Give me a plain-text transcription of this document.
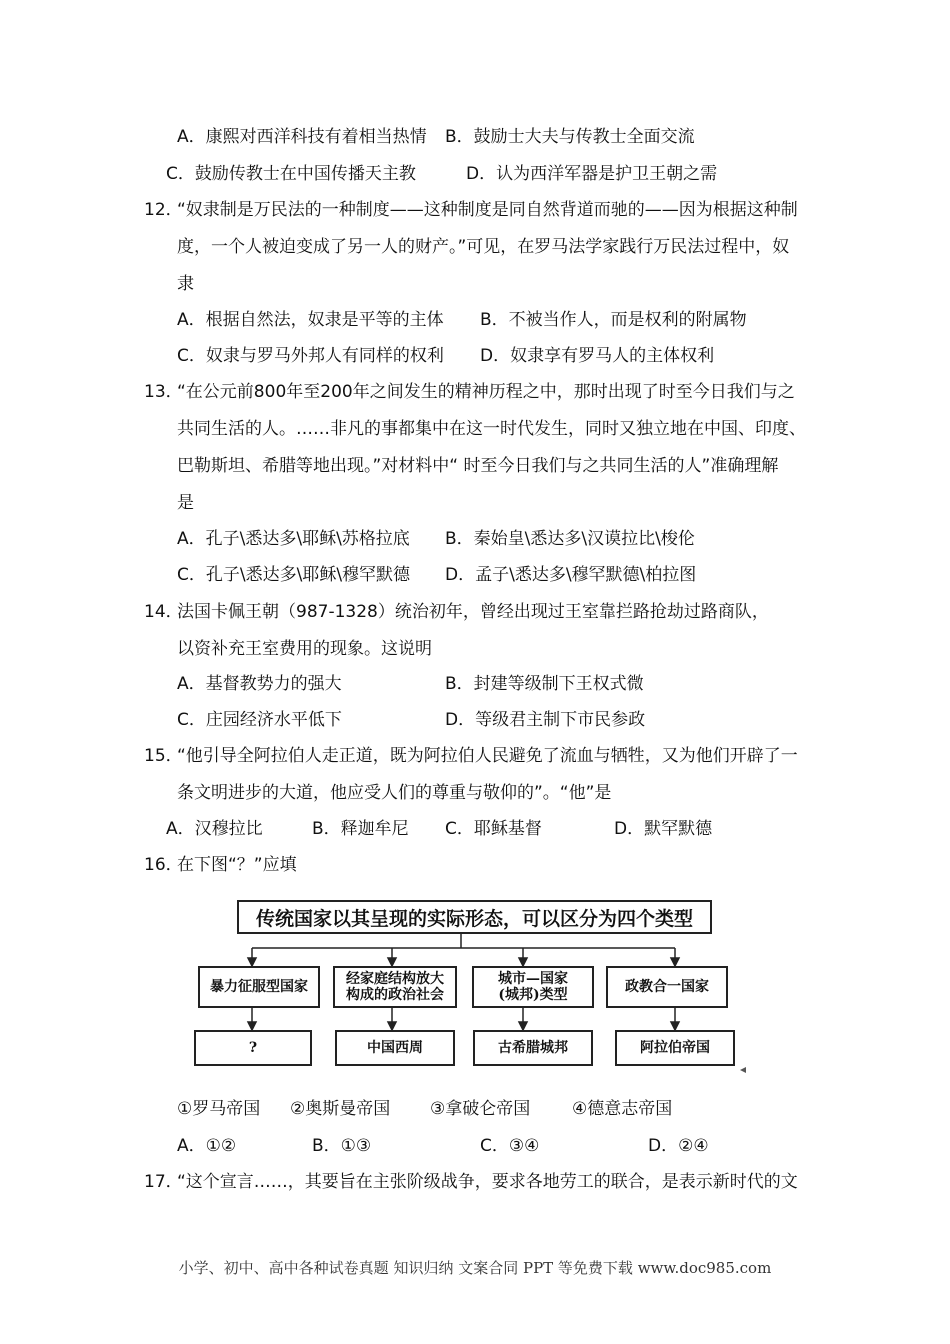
A．康熙对西洋科技有着相当热情 B．鼓励士大夫与传教士全面交流
C．鼓励传教士在中国传播天主教	D．认为西洋军器是护卫王朝之需
12．
“奴隶制是万民法的一种制度——这种制度是同自然背道而驰的——因为根据这种制
度，一个人被迫变成了另一人的财产。”可见，在罗马法学家践行万民法过程中，奴
隶
A．根据自然法，奴隶是平等的主体 B．不被当作人，而是权利的附属物
C．奴隶与罗马外邦人有同样的权利 D．奴隶享有罗马人的主体权利
13．
“在公元前800年至200年之间发生的精神历程之中，那时出现了时至今日我们与之
共同生活的人。……非凡的事都集中在这一时代发生，同时又独立地在中国、印度、
巴勒斯坦、希腊等地出现。”对材料中“ 时至今日我们与之共同生活的人”准确理解
是
A．孔子\悉达多\耶稣\苏格拉底 B．秦始皇\悉达多\汉谟拉比\梭伦
C．孔子\悉达多\耶稣\穆罕默德 D．孟子\悉达多\穆罕默德\柏拉图
14．
法国卡佩王朝（987-1328）统治初年，曾经出现过王室靠拦路抢劫过路商队，
以资补充王室费用的现象。这说明
A．基督教势力的强大	B．封建等级制下王权式微
C．庄园经济水平低下	D．等级君主制下市民参政
15．
“他引导全阿拉伯人走正道，既为阿拉伯人民避免了流血与牺牲，又为他们开辟了一
条文明进步的大道，他应受人们的尊重与敬仰的”。“他”是
A．汉穆拉比	B．释迦牟尼 C．耶稣基督	D．默罕默德
16．
在下图“？”应填
传统国家以其呈现的实际形态，可以区分为四个类型
暴力征服型国家	经家庭结构放大
构成的政治社会
城市—国家
(城邦)类型	政教合一国家
?	中国西周	古希腊城邦	阿拉伯帝国
①罗马帝国 ②奥斯曼帝国 ③拿破仑帝国 ④德意志帝国
A．①②	B．①③	C．③④	D．②④
17．
“这个宣言……，其要旨在主张阶级战争，要求各地劳工的联合，是表示新时代的文
小学、初中、高中各种试卷真题 知识归纳 文案合同 PPT 等免费下载 www.doc985.com
